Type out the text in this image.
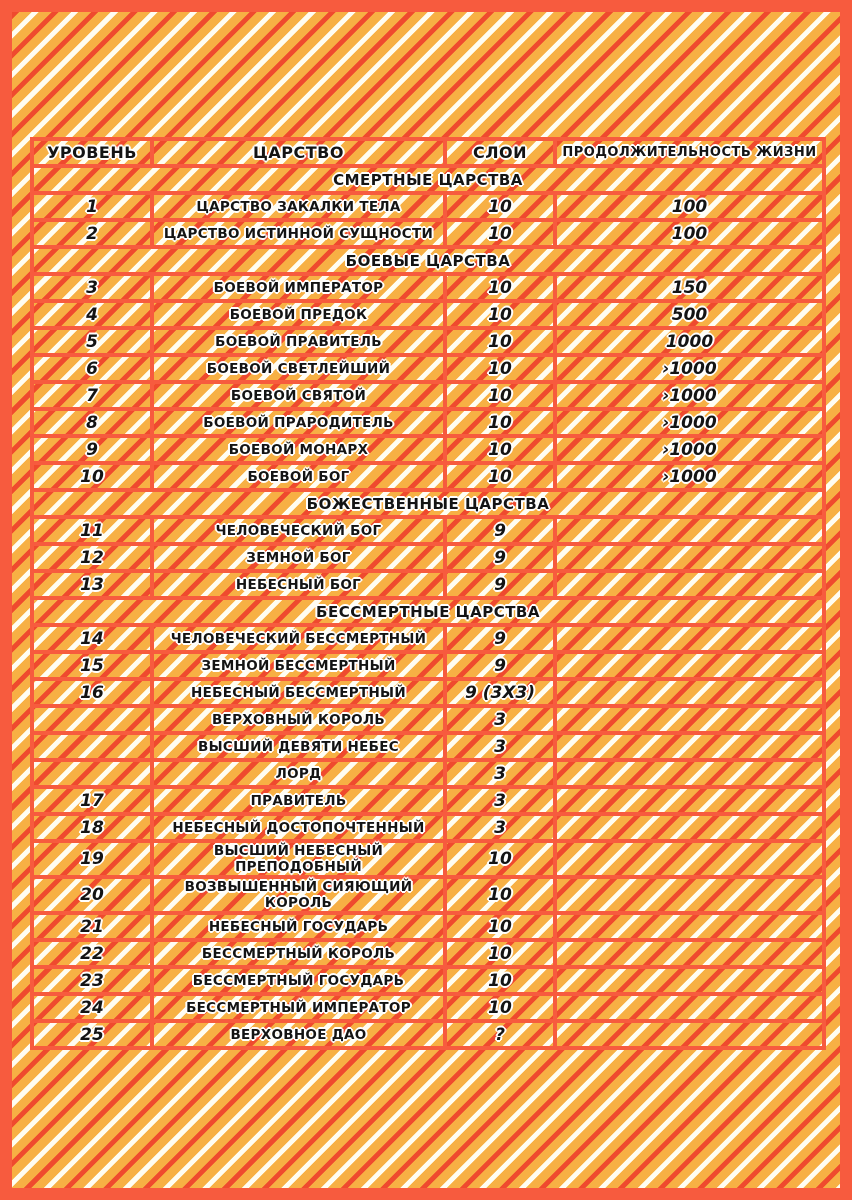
УРОВЕНЬ	ЦАРСТВО	СЛОИ	ПРОДОЛЖИТЕЛЬНОСТЬ ЖИЗНИ
СМЕРТНЫЕ ЦАРСТВА			
1	ЦАРСТВО ЗАКАЛКИ ТЕЛА	10	100
2	ЦАРСТВО ИСТИННОЙ СУЩНОСТИ	10	100
БОЕВЫЕ ЦАРСТВА			
3	БОЕВОЙ ИМПЕРАТОР	10	150
4	БОЕВОЙ ПРЕДОК	10	500
5	БОЕВОЙ ПРАВИТЕЛЬ	10	1000
6	БОЕВОЙ СВЕТЛЕЙШИЙ	10	›1000
7	БОЕВОЙ СВЯТОЙ	10	›1000
8	БОЕВОЙ ПРАРОДИТЕЛЬ	10	›1000
9	БОЕВОЙ МОНАРХ	10	›1000
10	БОЕВОЙ БОГ	10	›1000
БОЖЕСТВЕННЫЕ ЦАРСТВА			
11	ЧЕЛОВЕЧЕСКИЙ БОГ	9	
12	ЗЕМНОЙ БОГ	9	
13	НЕБЕСНЫЙ БОГ	9	
БЕССМЕРТНЫЕ ЦАРСТВА			
14	ЧЕЛОВЕЧЕСКИЙ БЕССМЕРТНЫЙ	9	
15	ЗЕМНОЙ БЕССМЕРТНЫЙ	9	
16	НЕБЕСНЫЙ БЕССМЕРТНЫЙ	9 (3X3)	
	ВЕРХОВНЫЙ КОРОЛЬ	3	
	ВЫСШИЙ ДЕВЯТИ НЕБЕС	3	
	ЛОРД	3	
17	ПРАВИТЕЛЬ	3	
18	НЕБЕСНЫЙ ДОСТОПОЧТЕННЫЙ	3	
19	ВЫСШИЙ НЕБЕСНЫЙ ПРЕПОДОБНЫЙ	10	
20	ВОЗВЫШЕННЫЙ СИЯЮЩИЙ КОРОЛЬ	10	
21	НЕБЕСНЫЙ ГОСУДАРЬ	10	
22	БЕССМЕРТНЫЙ КОРОЛЬ	10	
23	БЕССМЕРТНЫЙ ГОСУДАРЬ	10	
24	БЕССМЕРТНЫЙ ИМПЕРАТОР	10	
25	ВЕРХОВНОЕ ДАО	?	
